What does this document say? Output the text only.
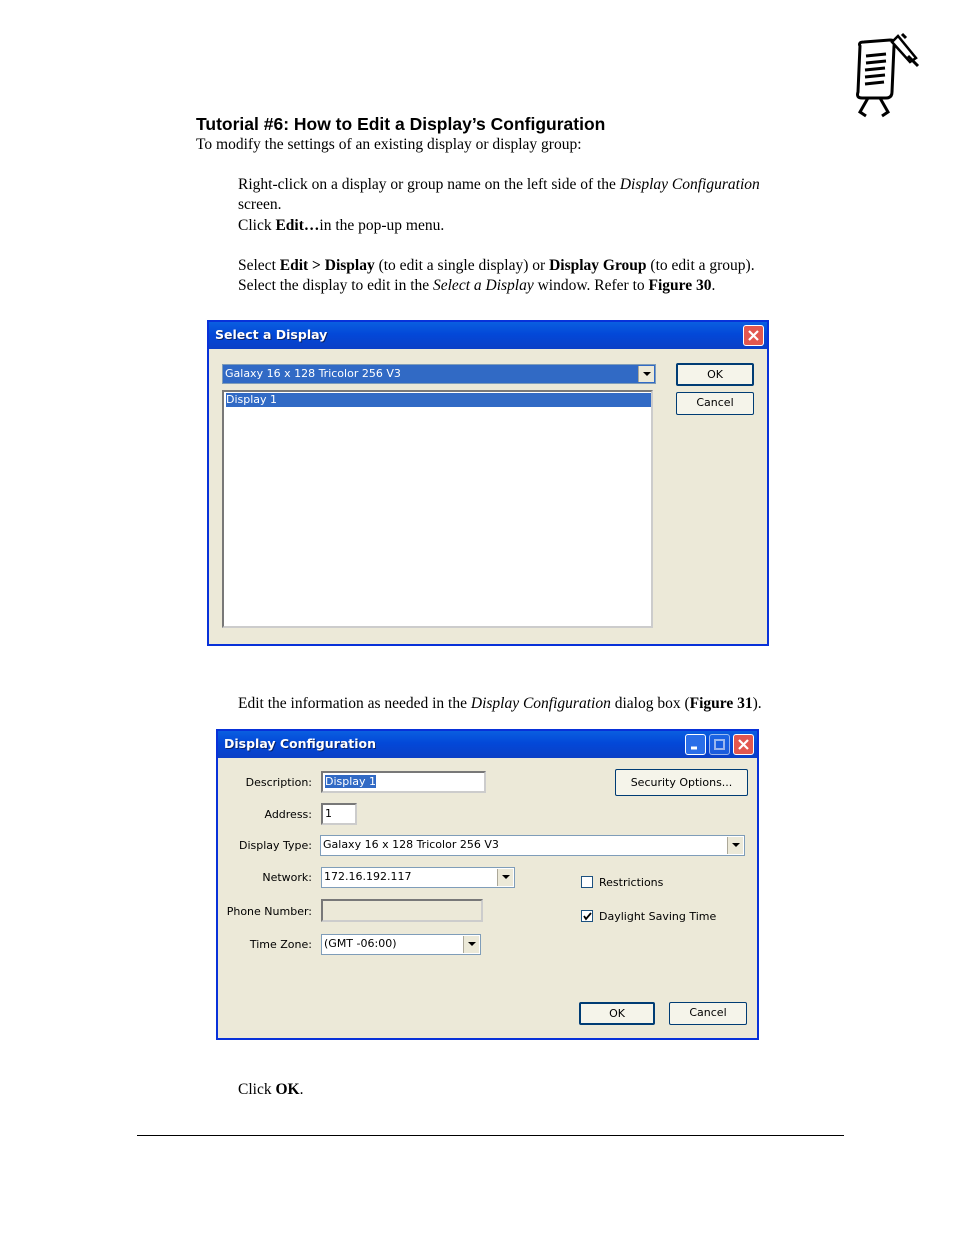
Tutorial #6: How to Edit a Display’s Configuration
To modify the settings of an existing display or display group:
Right-click on a display or group name on the left side of the Display Configuration
screen.
Click Edit…in the pop-up menu.
Select Edit > Display (to edit a single display) or Display Group (to edit a group).
Select the display to edit in the Select a Display window. Refer to Figure 30.
Select a Display
Galaxy 16 x 128 Tricolor 256 V3
Display 1
OK
Cancel
Edit the information as needed in the Display Configuration dialog box (Figure 31).
Display Configuration
Description:	Display 1
Address:	1
Display Type: Galaxy 16 x 128 Tricolor 256 V3
Network: 172.16.192.117
Phone Number:
Time Zone: (GMT -06:00)
Security Options...
Restrictions
Daylight Saving Time
OK	Cancel
Click OK.
